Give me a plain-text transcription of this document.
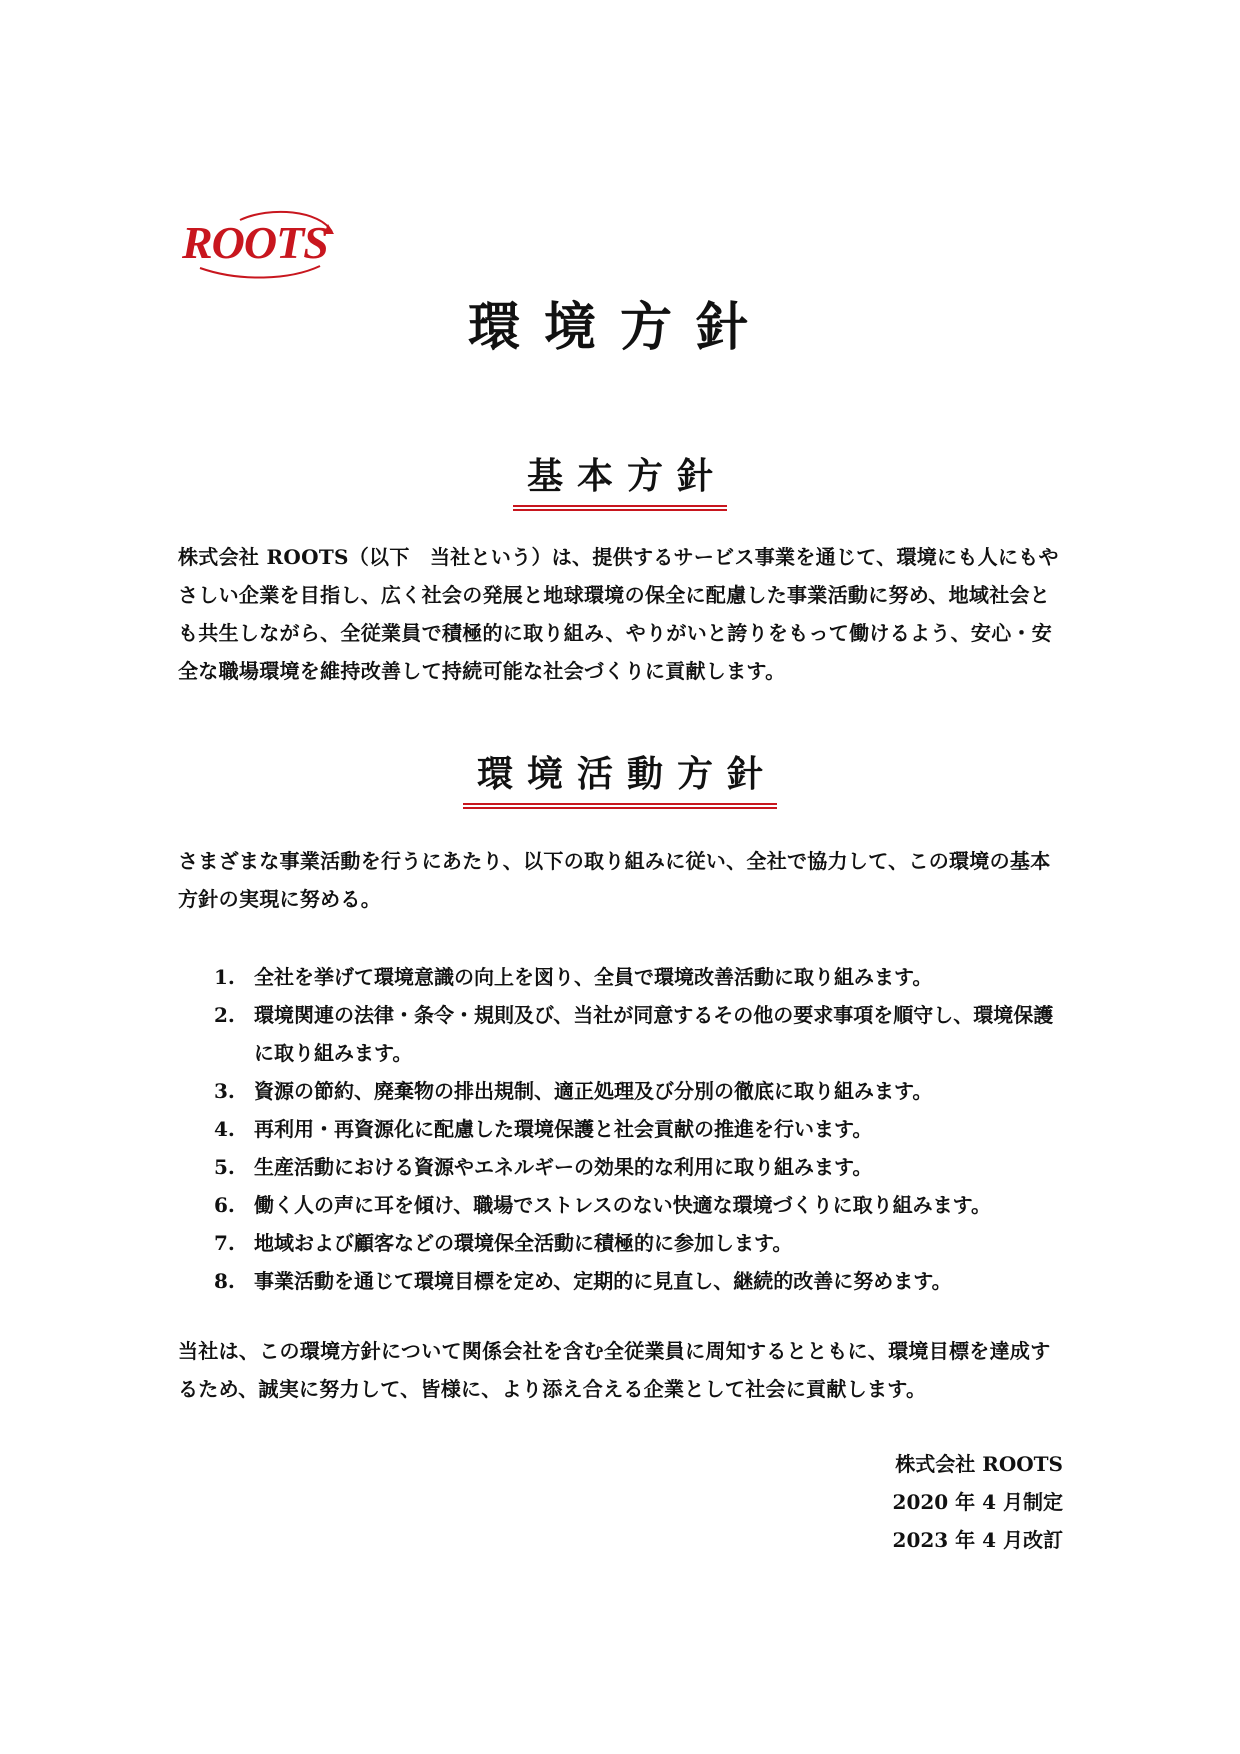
ROOTS
環境方針
基本方針

株式会社 ROOTS（以下　当社という）は、提供するサービス事業を通じて、環境にも人にもやさしい企業を目指し、広く社会の発展と地球環境の保全に配慮した事業活動に努め、地域社会とも共生しながら、全従業員で積極的に取り組み、やりがいと誇りをもって働けるよう、安心・安全な職場環境を維持改善して持続可能な社会づくりに貢献します。

環境活動方針

さまざまな事業活動を行うにあたり、以下の取り組みに従い、全社で協力して、この環境の基本方針の実現に努める。

1. 全社を挙げて環境意識の向上を図り、全員で環境改善活動に取り組みます。
2. 環境関連の法律・条令・規則及び、当社が同意するその他の要求事項を順守し、環境保護に取り組みます。
3. 資源の節約、廃棄物の排出規制、適正処理及び分別の徹底に取り組みます。
4. 再利用・再資源化に配慮した環境保護と社会貢献の推進を行います。
5. 生産活動における資源やエネルギーの効果的な利用に取り組みます。
6. 働く人の声に耳を傾け、職場でストレスのない快適な環境づくりに取り組みます。
7. 地域および顧客などの環境保全活動に積極的に参加します。
8. 事業活動を通じて環境目標を定め、定期的に見直し、継続的改善に努めます。

当社は、この環境方針について関係会社を含む全従業員に周知するとともに、環境目標を達成するため、誠実に努力して、皆様に、より添え合える企業として社会に貢献します。

株式会社 ROOTS
2020 年 4 月制定
2023 年 4 月改訂
